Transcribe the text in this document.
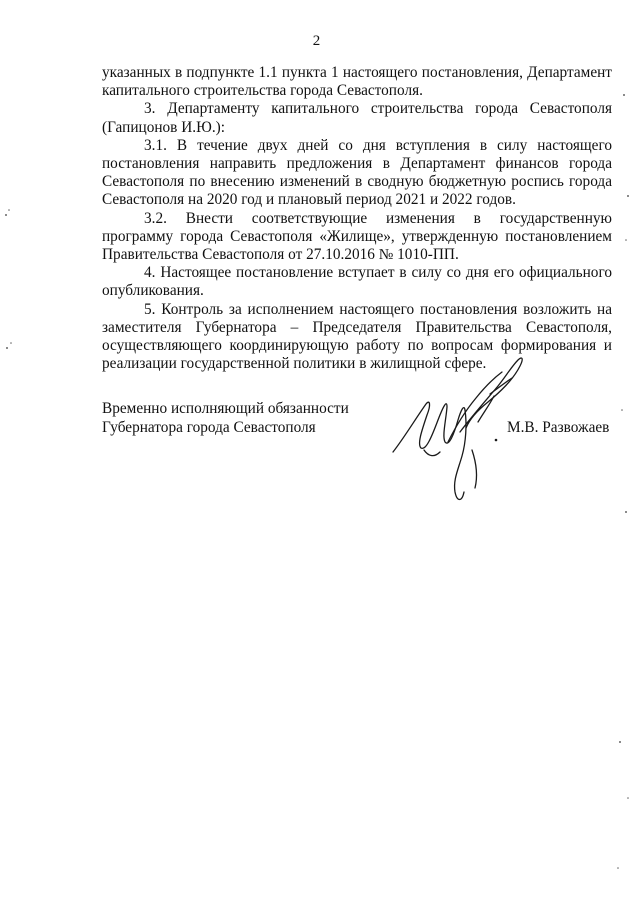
2

указанных в подпункте 1.1 пункта 1 настоящего постановления, Департамент капитального строительства города Севастополя.

3. Департаменту капитального строительства города Севастополя (Гапицонов И.Ю.):

3.1. В течение двух дней со дня вступления в силу настоящего постановления направить предложения в Департамент финансов города Севастополя по внесению изменений в сводную бюджетную роспись города Севастополя на 2020 год и плановый период 2021 и 2022 годов.

3.2. Внести соответствующие изменения в государственную программу города Севастополя «Жилище», утвержденную постановлением Правительства Севастополя от 27.10.2016 № 1010-ПП.

4. Настоящее постановление вступает в силу со дня его официального опубликования.

5. Контроль за исполнением настоящего постановления возложить на заместителя Губернатора – Председателя Правительства Севастополя, осуществляющего координирующую работу по вопросам формирования и реализации государственной политики в жилищной сфере.

Временно исполняющий обязанности
Губернатора города Севастополя	М.В. Развожаев
